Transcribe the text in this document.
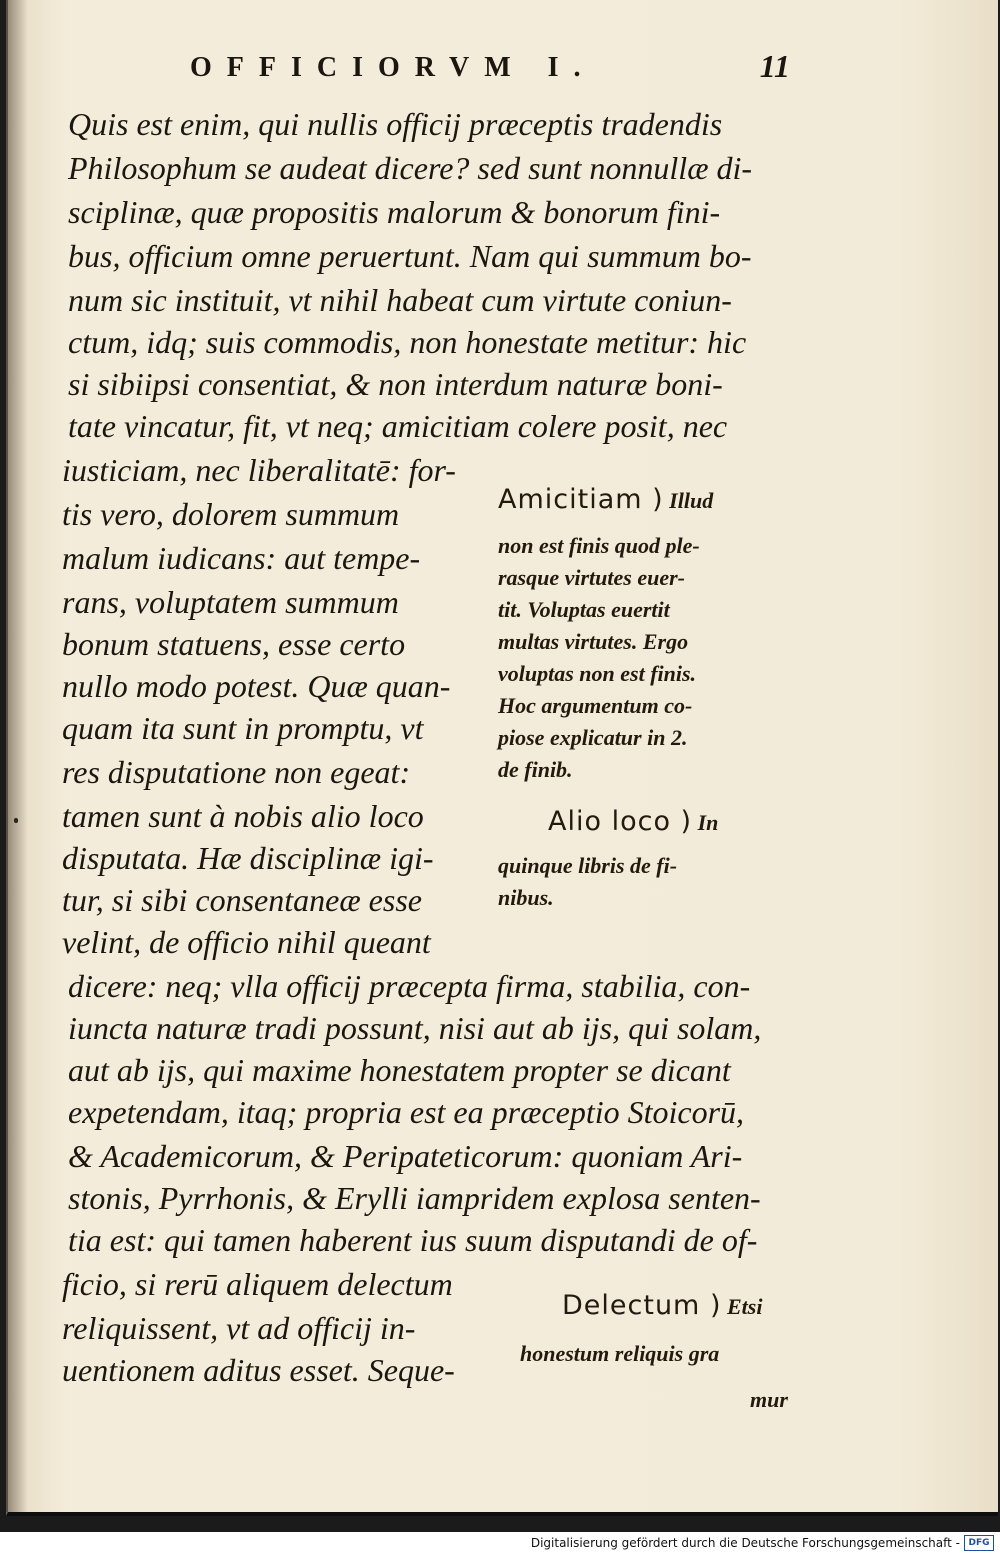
OFFICIORVM I.	11
Quis est enim, qui nullis officij præceptis tradendis
Philosophum se audeat dicere? sed sunt nonnullæ di-
sciplinæ, quæ propositis malorum & bonorum fini-
bus, officium omne peruertunt. Nam qui summum bo-
num sic instituit, vt nihil habeat cum virtute coniun-
ctum, idq; suis commodis, non honestate metitur: hic
si sibiipsi consentiat, & non interdum naturæ boni-
tate vincatur, fit, vt neq; amicitiam colere posit, nec
iusticiam, nec liberalitatē: for-
tis vero, dolorem summum
malum iudicans: aut tempe-
rans, voluptatem summum
bonum statuens, esse certo
nullo modo potest. Quæ quan-
quam ita sunt in promptu, vt
res disputatione non egeat:
tamen sunt à nobis alio loco
disputata. Hæ disciplinæ igi-
tur, si sibi consentaneæ esse
velint, de officio nihil queant
Amicitiam ) Illud
non est finis quod ple-
rasque virtutes euer-
tit. Voluptas euertit
multas virtutes. Ergo
voluptas non est finis.
Hoc argumentum co-
piose explicatur in 2.
de finib.
Alio loco ) In
quinque libris de fi-
nibus.
dicere: neq; vlla officij præcepta firma, stabilia, con-
iuncta naturæ tradi possunt, nisi aut ab ijs, qui solam,
aut ab ijs, qui maxime honestatem propter se dicant
expetendam, itaq; propria est ea præceptio Stoicorū,
& Academicorum, & Peripateticorum: quoniam Ari-
stonis, Pyrrhonis, & Erylli iampridem explosa senten-
tia est: qui tamen haberent ius suum disputandi de of-
ficio, si rerū aliquem delectum
reliquissent, vt ad officij in-
uentionem aditus esset. Seque-
Delectum ) Etsi
honestum reliquis gra
mur
Digitalisierung gefördert durch die Deutsche Forschungsgemeinschaft - DFG
